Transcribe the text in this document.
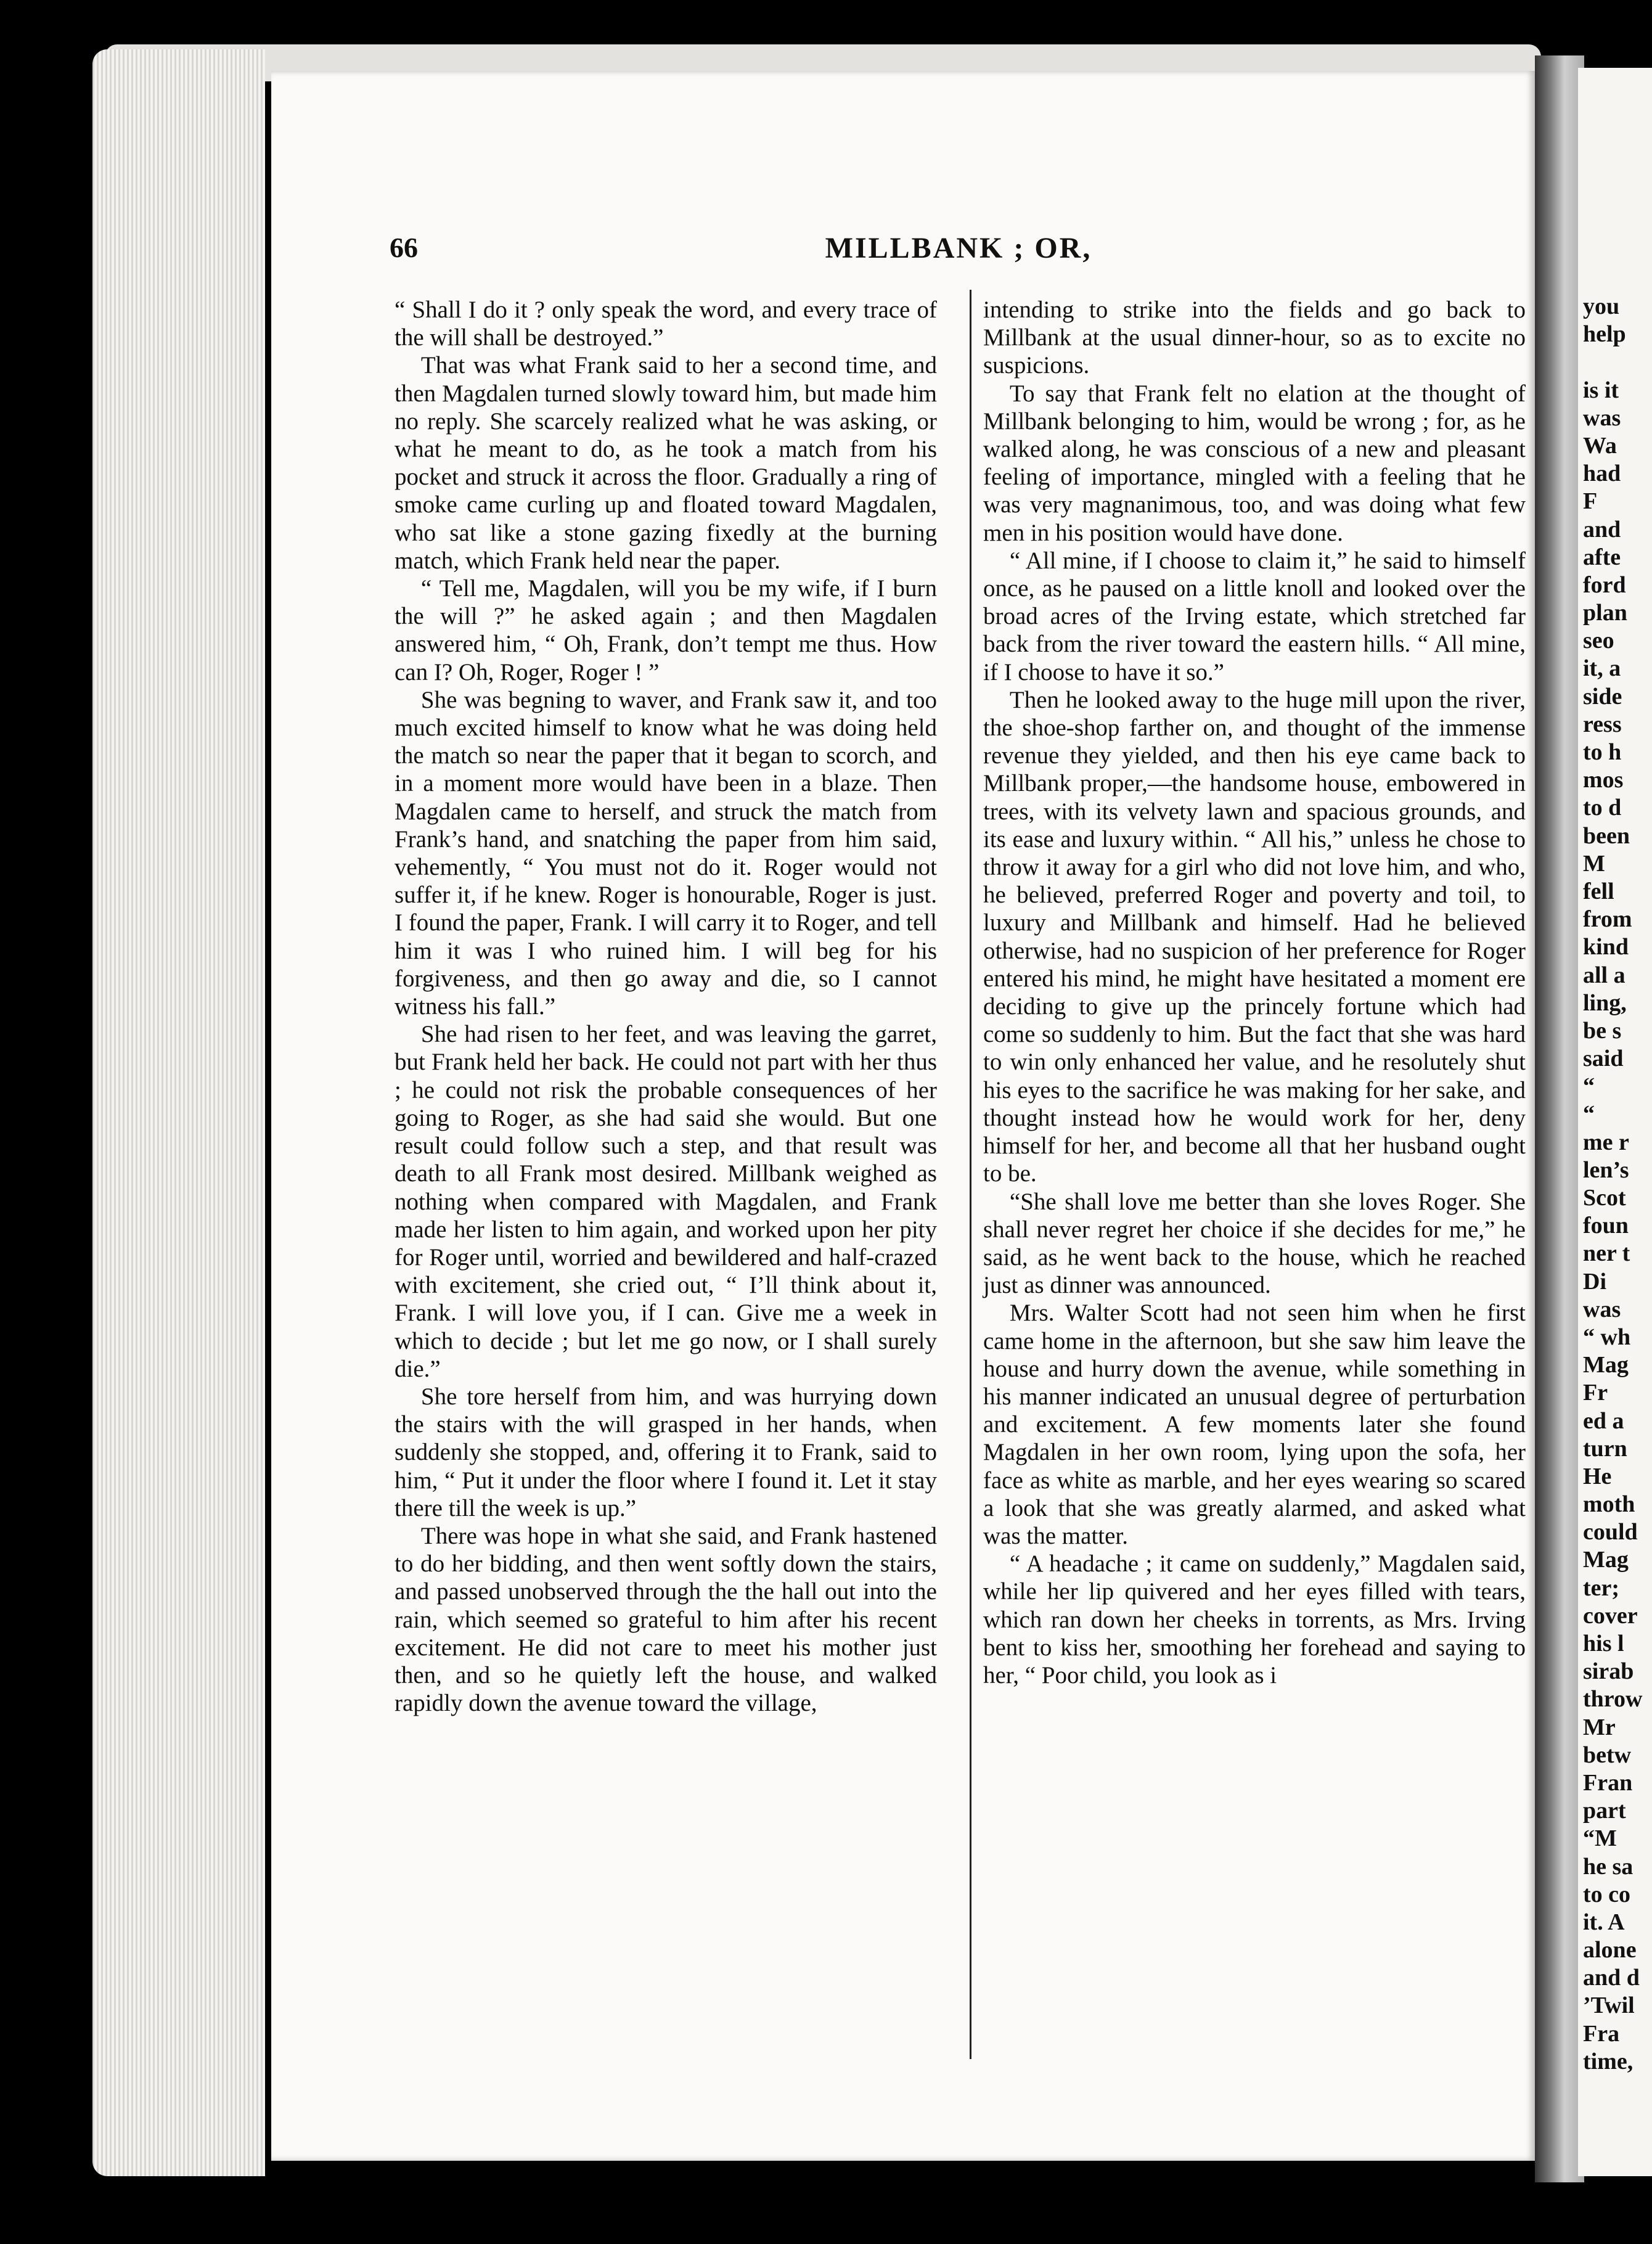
66	MILLBANK ; OR,

“ Shall I do it ? only speak the word, and every trace of the will shall be destroyed.”

That was what Frank said to her a second time, and then Magdalen turned slowly toward him, but made him no reply. She scarcely realized what he was asking, or what he meant to do, as he took a match from his pocket and struck it across the floor. Gradually a ring of smoke came curling up and floated toward Magdalen, who sat like a stone gazing fixedly at the burning match, which Frank held near the paper.

“ Tell me, Magdalen, will you be my wife, if I burn the will ?” he asked again ; and then Magdalen answered him, “ Oh, Frank, don’t tempt me thus. How can I? Oh, Roger, Roger ! ”

She was begning to waver, and Frank saw it, and too much excited himself to know what he was doing held the match so near the paper that it began to scorch, and in a moment more would have been in a blaze. Then Magdalen came to herself, and struck the match from Frank’s hand, and snatching the paper from him said, vehemently, “ You must not do it. Roger would not suffer it, if he knew. Roger is honourable, Roger is just. I found the paper, Frank. I will carry it to Roger, and tell him it was I who ruined him. I will beg for his forgiveness, and then go away and die, so I cannot witness his fall.”

She had risen to her feet, and was leaving the garret, but Frank held her back. He could not part with her thus ; he could not risk the probable consequences of her going to Roger, as she had said she would. But one result could follow such a step, and that result was death to all Frank most desired. Millbank weighed as nothing when compared with Magdalen, and Frank made her listen to him again, and worked upon her pity for Roger until, worried and bewildered and half-crazed with excitement, she cried out, “ I’ll think about it, Frank. I will love you, if I can. Give me a week in which to decide ; but let me go now, or I shall surely die.”

She tore herself from him, and was hurrying down the stairs with the will grasped in her hands, when suddenly she stopped, and, offering it to Frank, said to him, “ Put it under the floor where I found it. Let it stay there till the week is up.”

There was hope in what she said, and Frank hastened to do her bidding, and then went softly down the stairs, and passed unobserved through the the hall out into the rain, which seemed so grateful to him after his recent excitement. He did not care to meet his mother just then, and so he quietly left the house, and walked rapidly down the avenue toward the village,

intending to strike into the fields and go back to Millbank at the usual dinner-hour, so as to excite no suspicions.

To say that Frank felt no elation at the thought of Millbank belonging to him, would be wrong ; for, as he walked along, he was conscious of a new and pleasant feeling of importance, mingled with a feeling that he was very magnanimous, too, and was doing what few men in his position would have done.

“ All mine, if I choose to claim it,” he said to himself once, as he paused on a little knoll and looked over the broad acres of the Irving estate, which stretched far back from the river toward the eastern hills. “ All mine, if I choose to have it so.”

Then he looked away to the huge mill upon the river, the shoe-shop farther on, and thought of the immense revenue they yielded, and then his eye came back to Millbank proper,—the handsome house, embowered in trees, with its velvety lawn and spacious grounds, and its ease and luxury within. “ All his,” unless he chose to throw it away for a girl who did not love him, and who, he believed, preferred Roger and poverty and toil, to luxury and Millbank and himself. Had he believed otherwise, had no suspicion of her preference for Roger entered his mind, he might have hesitated a moment ere deciding to give up the princely fortune which had come so suddenly to him. But the fact that she was hard to win only enhanced her value, and he resolutely shut his eyes to the sacrifice he was making for her sake, and thought instead how he would work for her, deny himself for her, and become all that her husband ought to be.

“She shall love me better than she loves Roger. She shall never regret her choice if she decides for me,” he said, as he went back to the house, which he reached just as dinner was announced.

Mrs. Walter Scott had not seen him when he first came home in the afternoon, but she saw him leave the house and hurry down the avenue, while something in his manner indicated an unusual degree of perturbation and excitement. A few moments later she found Magdalen in her own room, lying upon the sofa, her face as white as marble, and her eyes wearing so scared a look that she was greatly alarmed, and asked what was the matter.

“ A headache ; it came on suddenly,” Magdalen said, while her lip quivered and her eyes filled with tears, which ran down her cheeks in torrents, as Mrs. Irving bent to kiss her, smoothing her forehead and saying to her, “ Poor child, you look as i

you
help
is it
was
Wa
had
F
and
afte
ford
plan
seo
it, a
side
ress
to h
mos
to d
been
M
fell
from
kind
all a
ling,
be s
said
“
“
me r
len’s
Scot
foun
ner t
Di
was
“ wh
Mag
Fr
ed a
turn
He
moth
could
Mag
ter;
cover
his l
sirab
throw
Mr
betw
Fran
part
“M
he sa
to co
it. A
alone
and d
’Twil
Fra
time,
